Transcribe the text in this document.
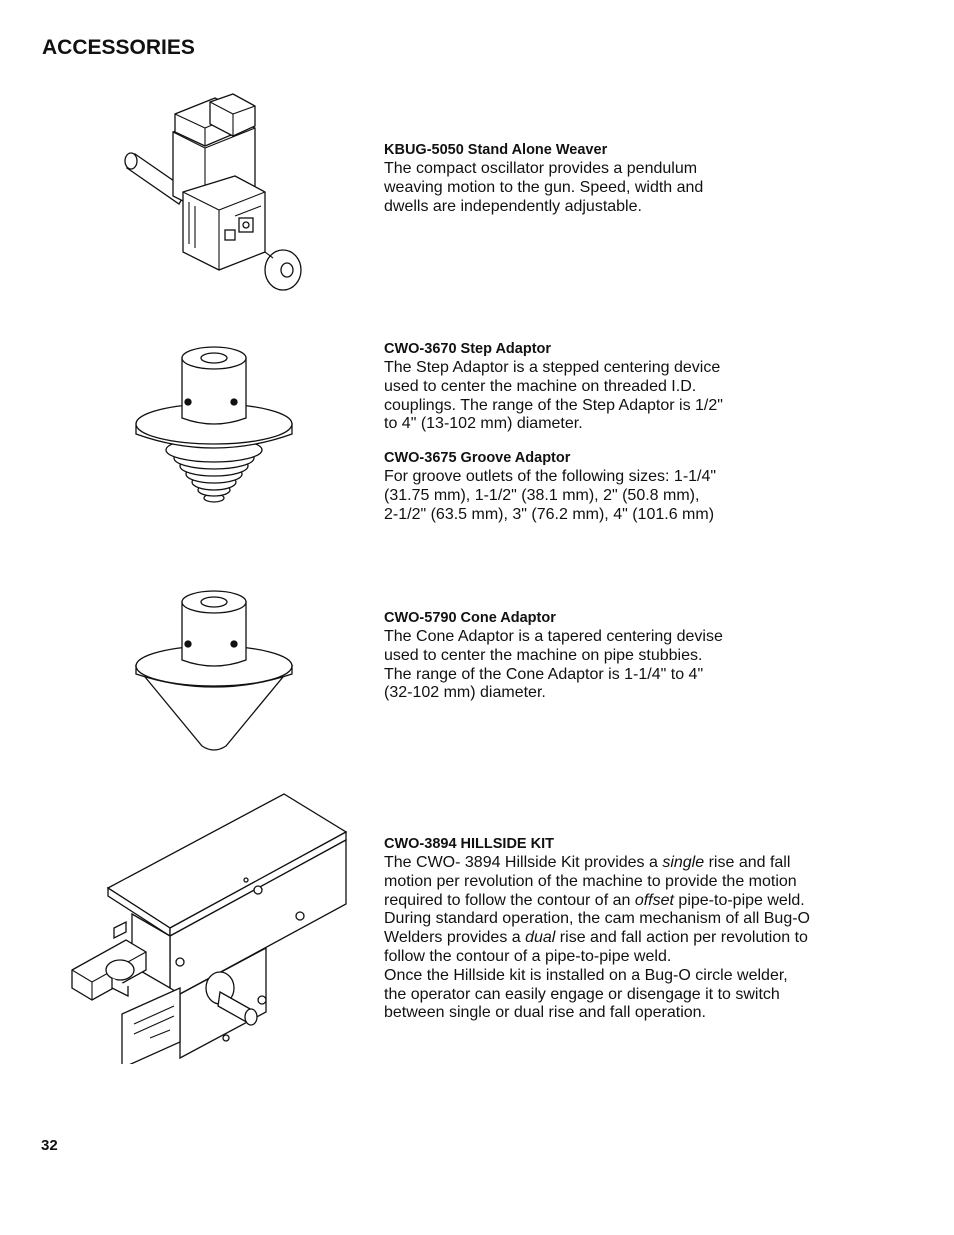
ACCESSORIES
KBUG-5050 Stand Alone Weaver
The compact oscillator provides a pendulum
weaving motion to the gun. Speed, width and
dwells are independently adjustable.
CWO-3670 Step Adaptor
The Step Adaptor is a stepped centering device
used to center the machine on threaded I.D.
couplings. The range of the Step Adaptor is 1/2"
to 4" (13-102 mm) diameter.
CWO-3675 Groove Adaptor
For groove outlets of the following sizes: 1-1/4"
(31.75 mm), 1-1/2" (38.1 mm), 2" (50.8 mm),
2-1/2" (63.5 mm), 3" (76.2 mm), 4" (101.6 mm)
CWO-5790 Cone Adaptor
The Cone Adaptor is a tapered centering devise
used to center the machine on pipe stubbies.
The range of the Cone Adaptor is 1-1/4" to 4"
(32-102 mm) diameter.
CWO-3894 HILLSIDE KIT
The CWO- 3894 Hillside Kit provides a single rise and fall
motion per revolution of the machine to provide the motion
required to follow the contour of an offset pipe-to-pipe weld.
During standard operation, the cam mechanism of all Bug-O
Welders provides a dual rise and fall action per revolution to
follow the contour of a pipe-to-pipe weld.
Once the Hillside kit is installed on a Bug-O circle welder,
the operator can easily engage or disengage it to switch
between single or dual rise and fall operation.
32
